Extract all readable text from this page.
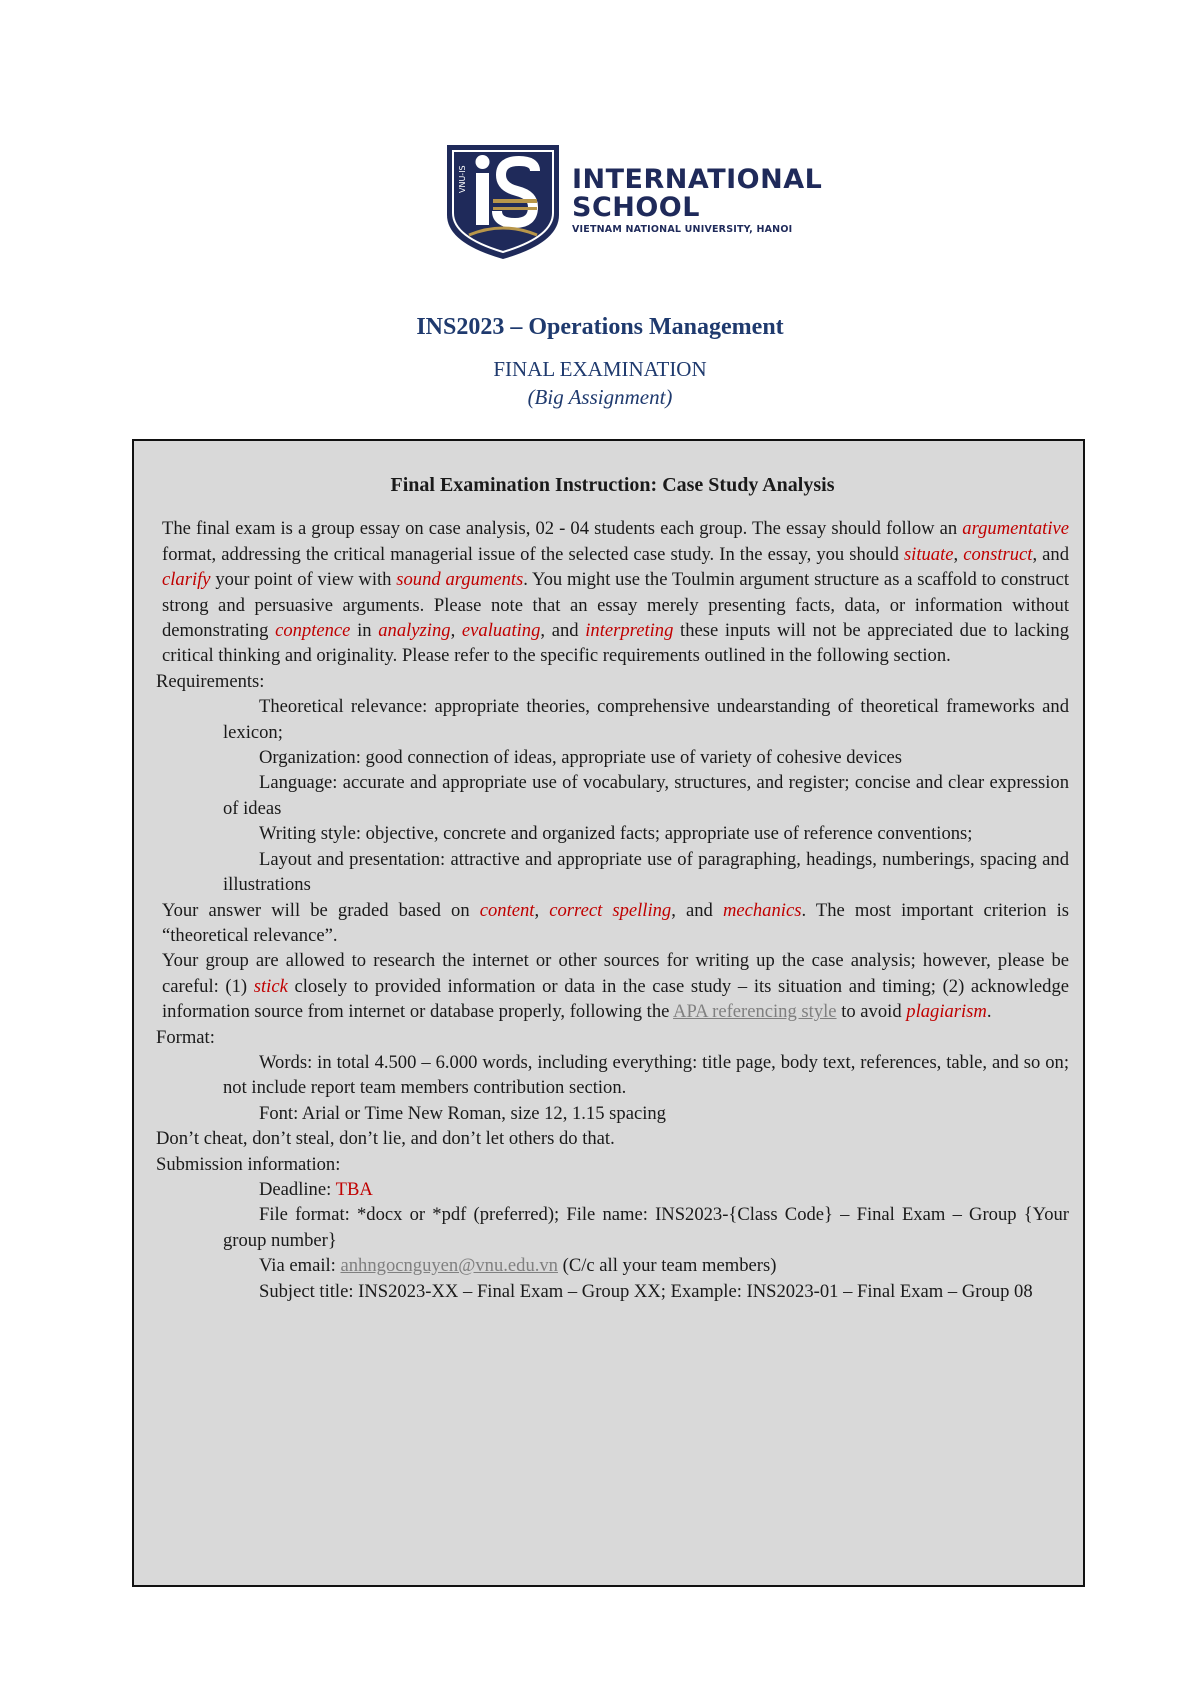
VNU-IS	INTERNATIONAL
SCHOOL
VIETNAM NATIONAL UNIVERSITY, HANOI
INS2023 – Operations Management
FINAL EXAMINATION
(Big Assignment)

Final Examination Instruction: Case Study Analysis

The final exam is a group essay on case analysis, 02 - 04 students each group. The essay should follow an argumentative format, addressing the critical managerial issue of the selected case study. In the essay, you should situate, construct, and clarify your point of view with sound arguments. You might use the Toulmin argument structure as a scaffold to construct strong and persuasive arguments. Please note that an essay merely presenting facts, data, or information without demonstrating conptence in analyzing, evaluating, and interpreting these inputs will not be appreciated due to lacking critical thinking and originality. Please refer to the specific requirements outlined in the following section.

Requirements:

Theoretical relevance: appropriate theories, comprehensive undearstanding of theoretical frameworks and lexicon;

Organization: good connection of ideas, appropriate use of variety of cohesive devices

Language: accurate and appropriate use of vocabulary, structures, and register; concise and clear expression of ideas

Writing style: objective, concrete and organized facts; appropriate use of reference conventions;

Layout and presentation: attractive and appropriate use of paragraphing, headings, numberings, spacing and illustrations

Your answer will be graded based on content, correct spelling, and mechanics. The most important criterion is “theoretical relevance”.

Your group are allowed to research the internet or other sources for writing up the case analysis; however, please be careful: (1) stick closely to provided information or data in the case study – its situation and timing; (2) acknowledge information source from internet or database properly, following the APA referencing style to avoid plagiarism.

Format:

Words: in total 4.500 – 6.000 words, including everything: title page, body text, references, table, and so on; not include report team members contribution section.

Font: Arial or Time New Roman, size 12, 1.15 spacing

Don’t cheat, don’t steal, don’t lie, and don’t let others do that.

Submission information:

Deadline: TBA

File format: *docx or *pdf (preferred); File name: INS2023-{Class Code} – Final Exam – Group {Your group number}

Via email: anhngocnguyen@vnu.edu.vn (C/c all your team members)

Subject title: INS2023-XX – Final Exam – Group XX; Example: INS2023-01 – Final Exam – Group 08
